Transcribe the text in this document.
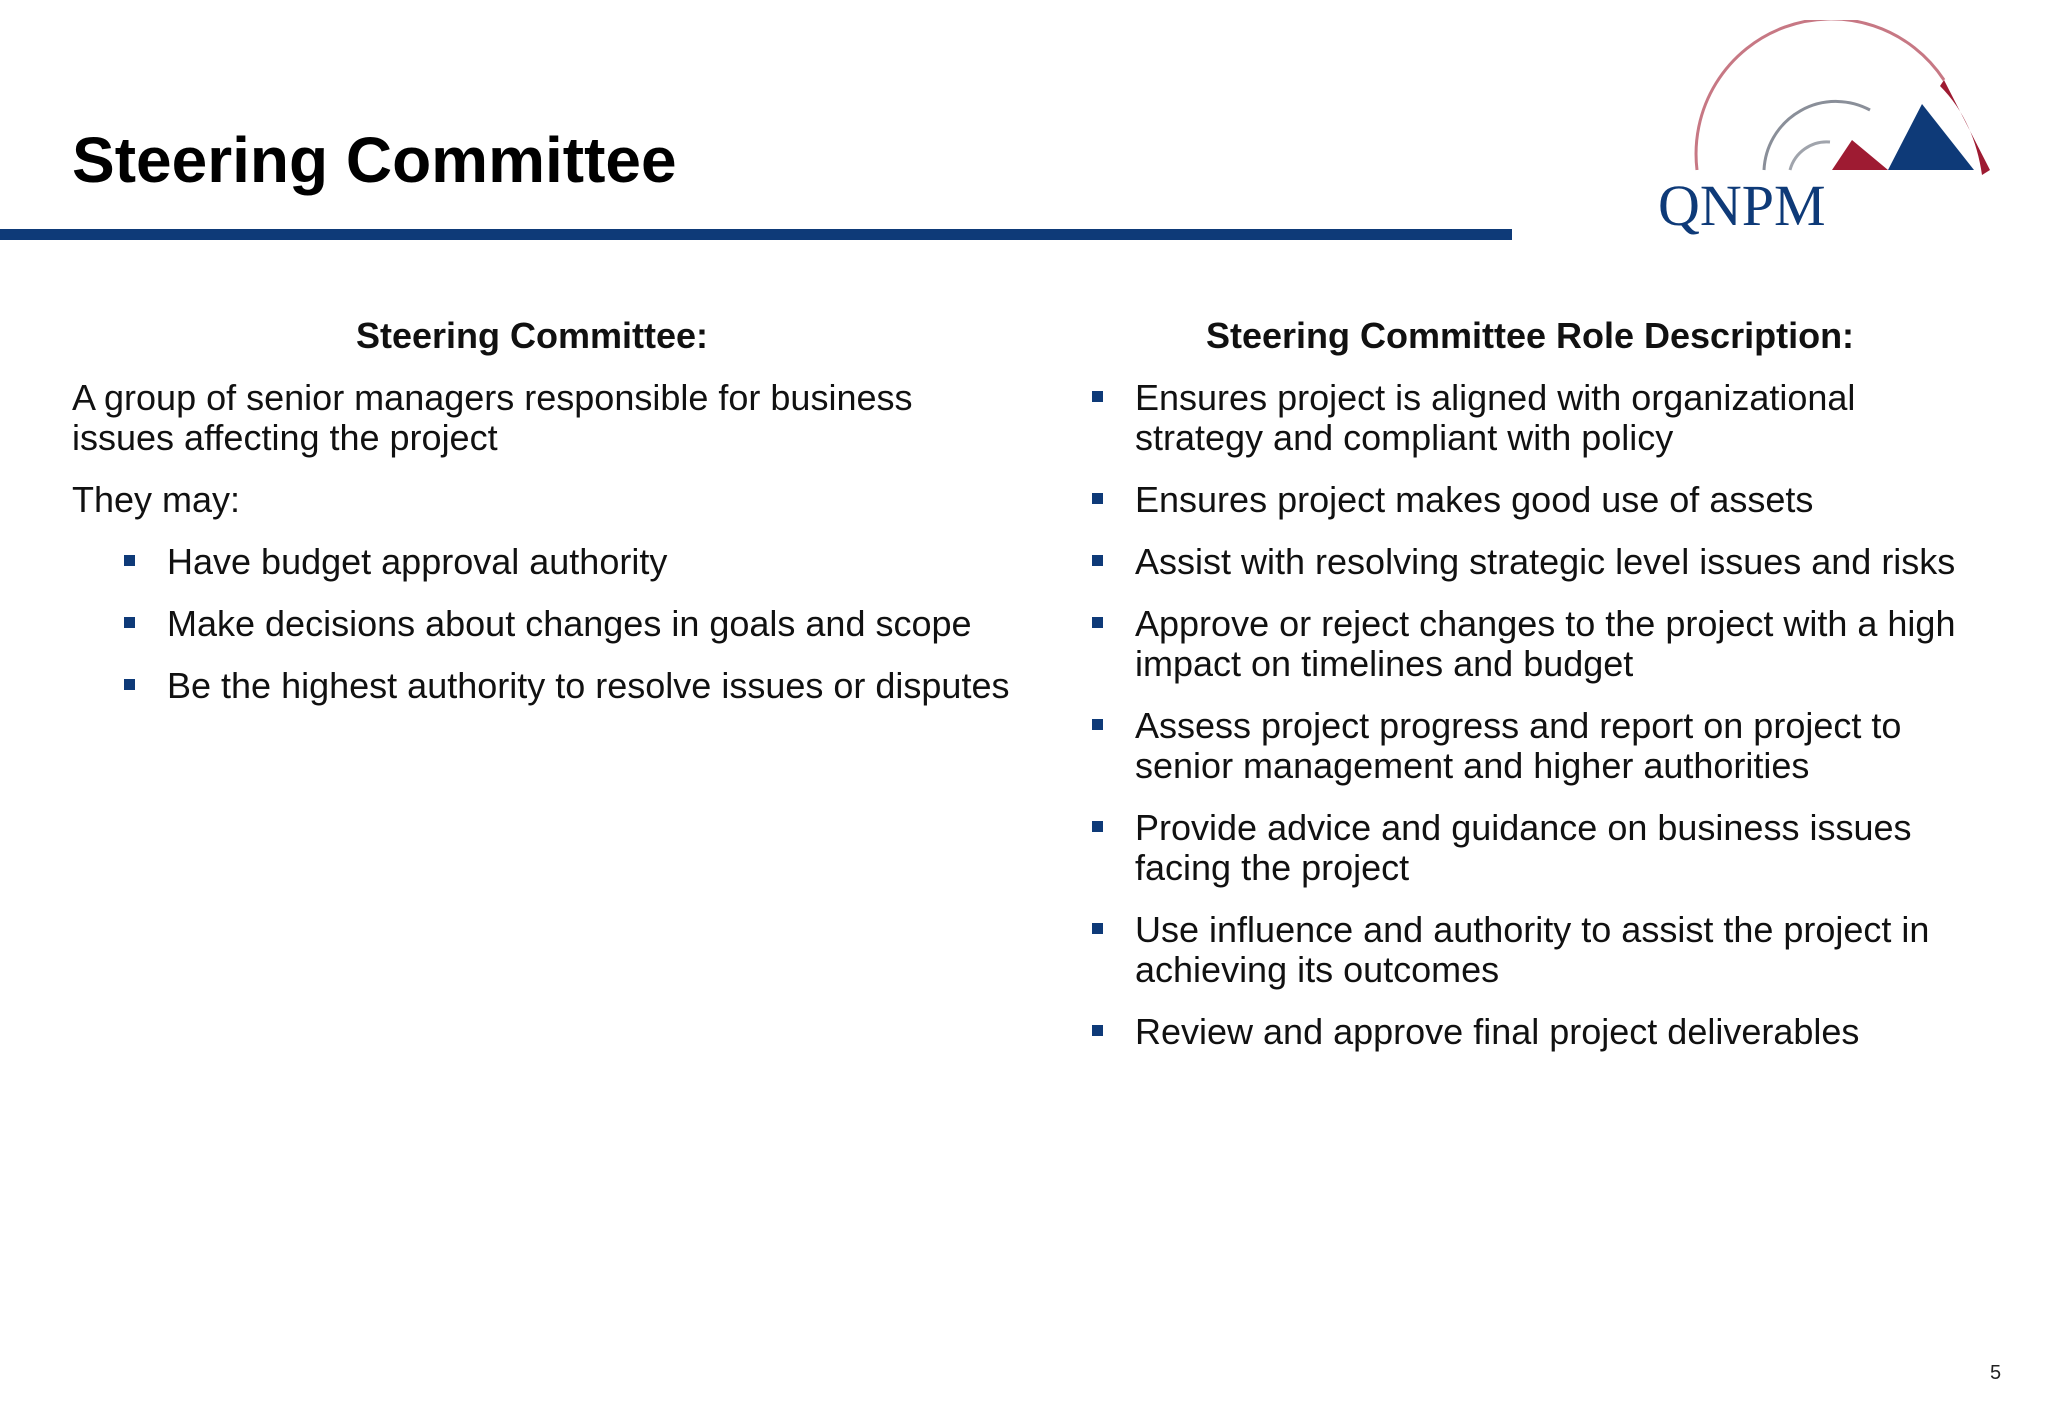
Steering Committee
QNPM
Steering Committee:

A group of senior managers responsible for business issues affecting the project

They may:

Have budget approval authority
Make decisions about changes in goals and scope
Be the highest authority to resolve issues or disputes
Steering Committee Role Description:
Ensures project is aligned with organizational strategy and compliant with policy
Ensures project makes good use of assets
Assist with resolving strategic level issues and risks
Approve or reject changes to the project with a high impact on timelines and budget
Assess project progress and report on project to senior management and higher authorities
Provide advice and guidance on business issues facing the project
Use influence and authority to assist the project in achieving its outcomes
Review and approve final project deliverables
5
